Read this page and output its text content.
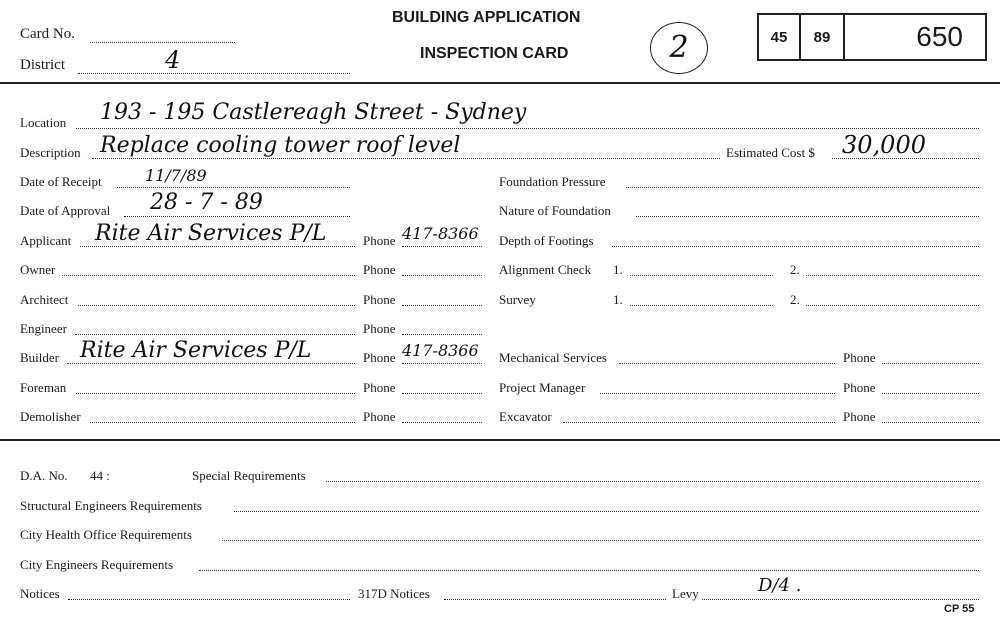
Card No.
District	4
BUILDING APPLICATION
INSPECTION CARD	2	45	89	650
Location 193 - 195 Castlereagh Street - Sydney
Description Replace cooling tower roof level	Estimated Cost $ 30,000
Date of Receipt	11/7/89
Date of Approval 28 - 7 - 89
Applicant Rite Air Services P/L	Phone 417-8366
Owner	Phone
Architect	Phone
Engineer	Phone
Builder Rite Air Services P/L	Phone 417-8366
Foreman	Phone
Demolisher	Phone
Foundation Pressure
Nature of Foundation
Depth of Footings
Alignment Check 1.	2.
Survey	1.	2.
Mechanical Services	Phone
Project Manager	Phone
Excavator	Phone
D.A. No. 44 :	Special Requirements
Structural Engineers Requirements
City Health Office Requirements
City Engineers Requirements
Notices	317D Notices	Levy	D/4 .
CP 55
